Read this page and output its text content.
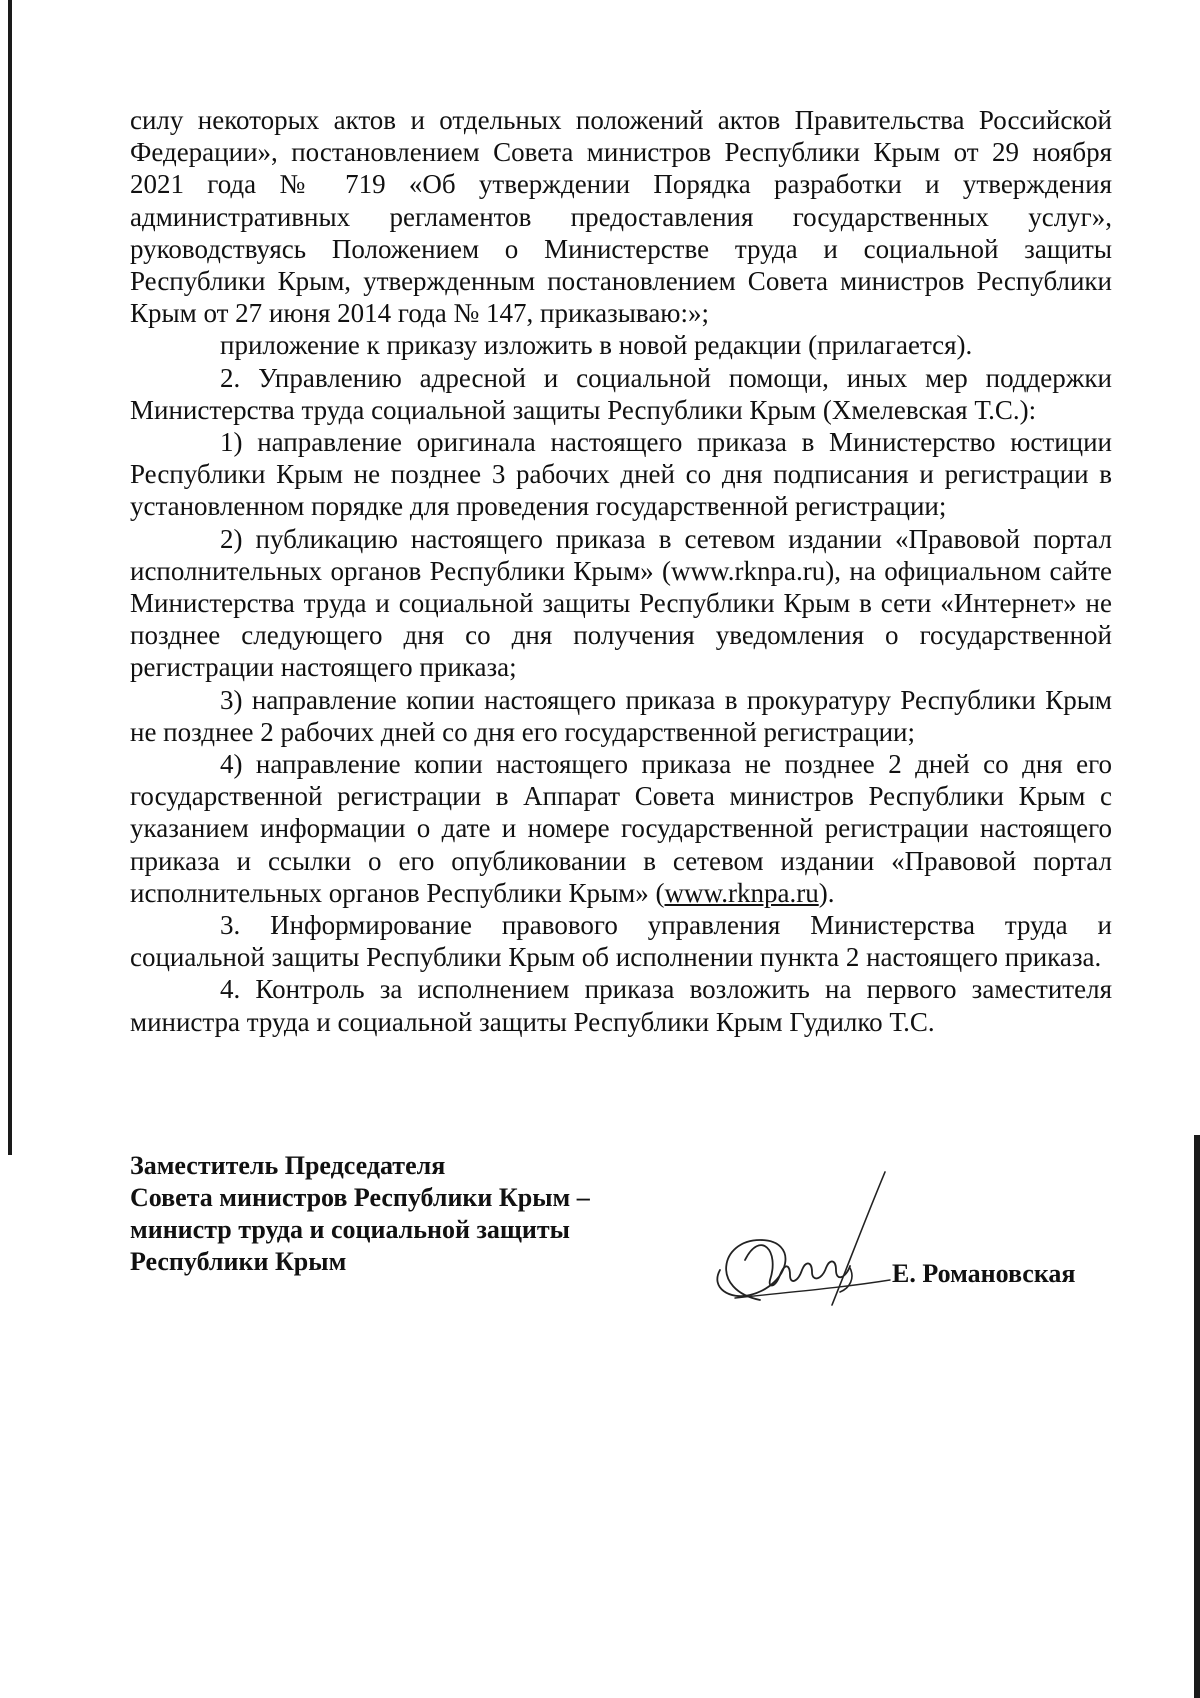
силу некоторых актов и отдельных положений актов Правительства Российской Федерации», постановлением Совета министров Республики Крым от 29 ноября 2021 года № 719 «Об утверждении Порядка разработки и утверждения административных регламентов предоставления государственных услуг», руководствуясь Положением о Министерстве труда и социальной защиты Республики Крым, утвержденным постановлением Совета министров Республики Крым от 27 июня 2014 года № 147, приказываю:»;

приложение к приказу изложить в новой редакции (прилагается).

2. Управлению адресной и социальной помощи, иных мер поддержки Министерства труда социальной защиты Республики Крым (Хмелевская Т.С.):

1) направление оригинала настоящего приказа в Министерство юстиции Республики Крым не позднее 3 рабочих дней со дня подписания и регистрации в установленном порядке для проведения государственной регистрации;

2) публикацию настоящего приказа в сетевом издании «Правовой портал исполнительных органов Республики Крым» (www.rknpa.ru), на официальном сайте Министерства труда и социальной защиты Республики Крым в сети «Интернет» не позднее следующего дня со дня получения уведомления о государственной регистрации настоящего приказа;

3) направление копии настоящего приказа в прокуратуру Республики Крым не позднее 2 рабочих дней со дня его государственной регистрации;

4) направление копии настоящего приказа не позднее 2 дней со дня его государственной регистрации в Аппарат Совета министров Республики Крым с указанием информации о дате и номере государственной регистрации настоящего приказа и ссылки о его опубликовании в сетевом издании «Правовой портал исполнительных органов Республики Крым» (www.rknpa.ru).

3. Информирование правового управления Министерства труда и социальной защиты Республики Крым об исполнении пункта 2 настоящего приказа.

4. Контроль за исполнением приказа возложить на первого заместителя министра труда и социальной защиты Республики Крым Гудилко Т.С.

Заместитель Председателя
Совета министров Республики Крым –
министр труда и социальной защиты
Республики Крым	Е. Романовская
